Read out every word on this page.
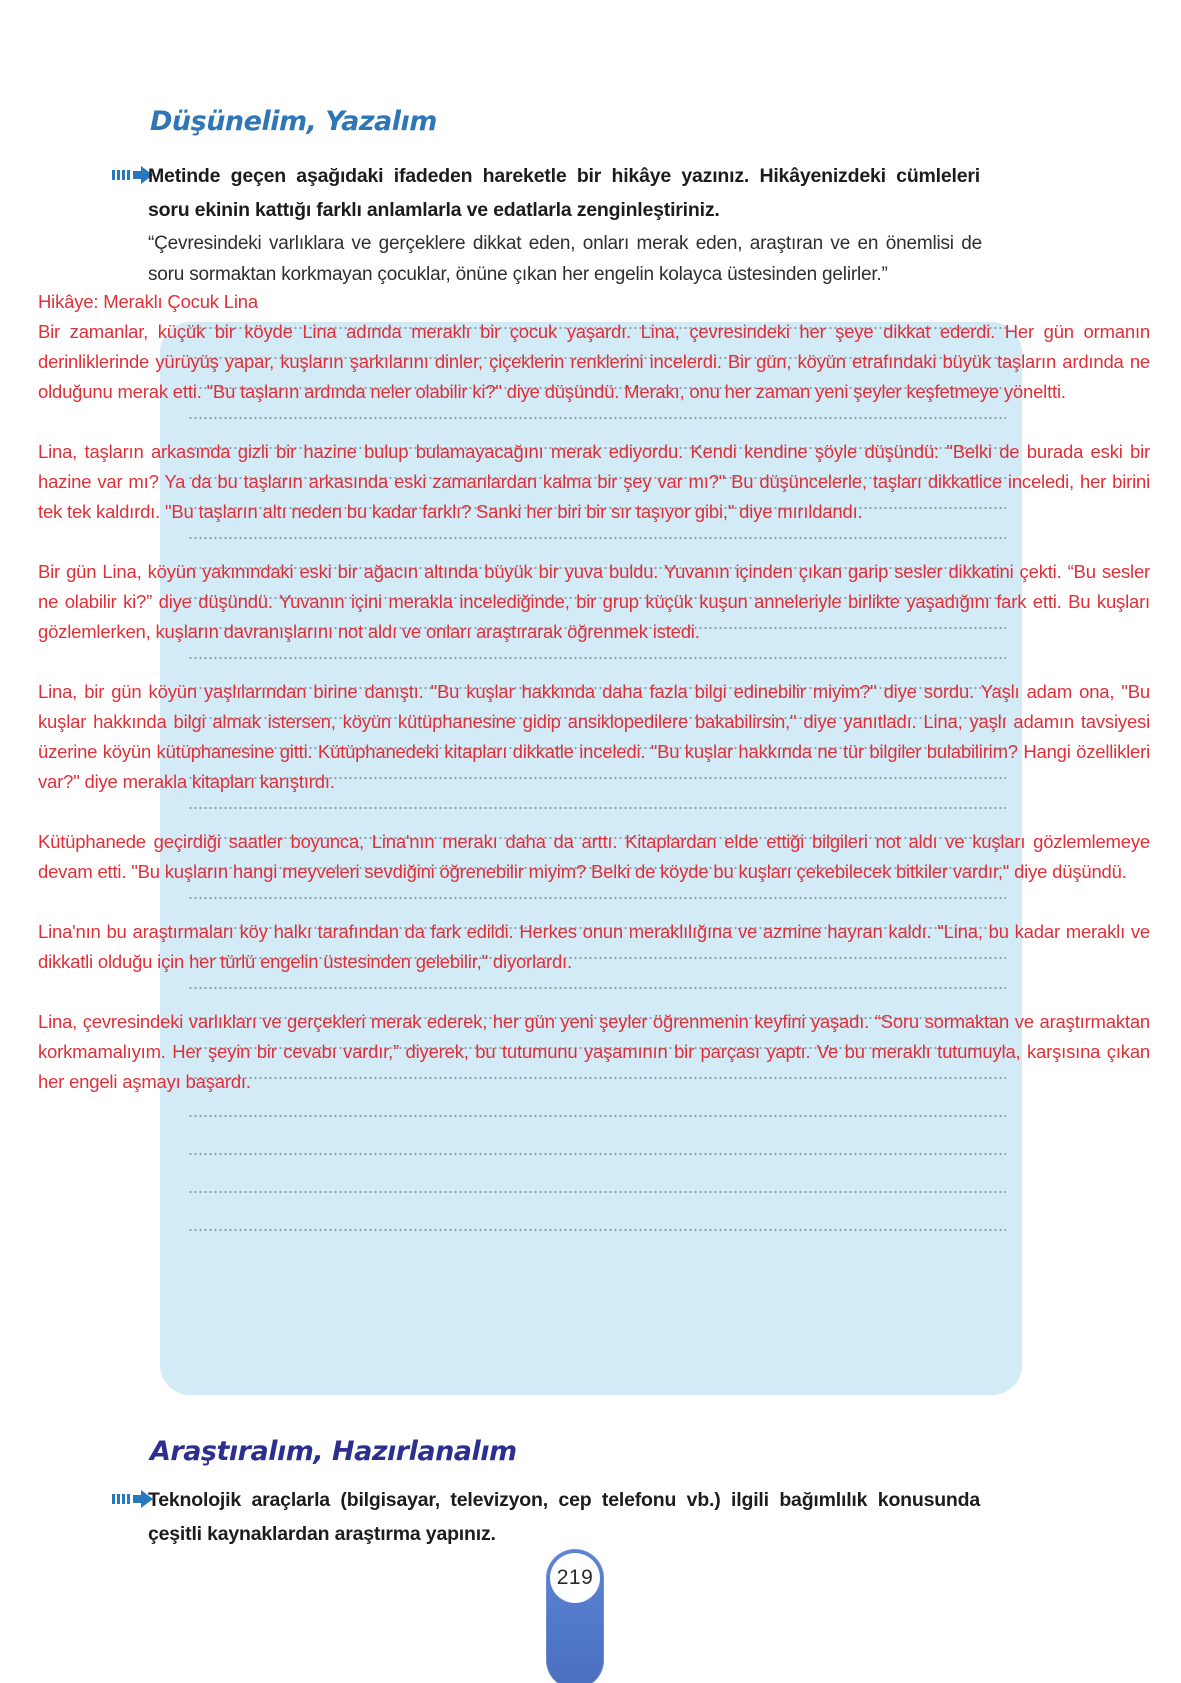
Düşünelim, Yazalım
Metinde geçen aşağıdaki ifadeden hareketle bir hikâye yazınız. Hikâyenizdeki cümleleri soru ekinin kattığı farklı anlamlarla ve edatlarla zenginleştiriniz.
“Çevresindeki varlıklara ve gerçeklere dikkat eden, onları merak eden, araştıran ve en önemlisi de soru sormaktan korkmayan çocuklar, önüne çıkan her engelin kolayca üstesinden gelirler.”

Hikâye: Meraklı Çocuk Lina

Bir zamanlar, küçük bir köyde Lina adında meraklı bir çocuk yaşardı. Lina, çevresindeki her şeye dikkat ederdi. Her gün ormanın derinliklerinde yürüyüş yapar, kuşların şarkılarını dinler, çiçeklerin renklerini incelerdi. Bir gün, köyün etrafındaki büyük taşların ardında ne olduğunu merak etti. "Bu taşların ardında neler olabilir ki?" diye düşündü. Merakı, onu her zaman yeni şeyler keşfetmeye yöneltti.

Lina, taşların arkasında gizli bir hazine bulup bulamayacağını merak ediyordu. Kendi kendine şöyle düşündü: "Belki de burada eski bir hazine var mı? Ya da bu taşların arkasında eski zamanlardan kalma bir şey var mı?" Bu düşüncelerle, taşları dikkatlice inceledi, her birini tek tek kaldırdı. "Bu taşların altı neden bu kadar farklı? Sanki her biri bir sır taşıyor gibi," diye mırıldandı.

Bir gün Lina, köyün yakınındaki eski bir ağacın altında büyük bir yuva buldu. Yuvanın içinden çıkan garip sesler dikkatini çekti. “Bu sesler ne olabilir ki?” diye düşündü. Yuvanın içini merakla incelediğinde, bir grup küçük kuşun anneleriyle birlikte yaşadığını fark etti. Bu kuşları gözlemlerken, kuşların davranışlarını not aldı ve onları araştırarak öğrenmek istedi.

Lina, bir gün köyün yaşlılarından birine danıştı. "Bu kuşlar hakkında daha fazla bilgi edinebilir miyim?" diye sordu. Yaşlı adam ona, "Bu kuşlar hakkında bilgi almak istersen, köyün kütüphanesine gidip ansiklopedilere bakabilirsin," diye yanıtladı. Lina, yaşlı adamın tavsiyesi üzerine köyün kütüphanesine gitti. Kütüphanedeki kitapları dikkatle inceledi. "Bu kuşlar hakkında ne tür bilgiler bulabilirim? Hangi özellikleri var?" diye merakla kitapları karıştırdı.

Kütüphanede geçirdiği saatler boyunca, Lina'nın merakı daha da arttı. Kitaplardan elde ettiği bilgileri not aldı ve kuşları gözlemlemeye devam etti. "Bu kuşların hangi meyveleri sevdiğini öğrenebilir miyim? Belki de köyde bu kuşları çekebilecek bitkiler vardır," diye düşündü.

Lina'nın bu araştırmaları köy halkı tarafından da fark edildi. Herkes onun meraklılığına ve azmine hayran kaldı. "Lina, bu kadar meraklı ve dikkatli olduğu için her türlü engelin üstesinden gelebilir," diyorlardı.

Lina, çevresindeki varlıkları ve gerçekleri merak ederek, her gün yeni şeyler öğrenmenin keyfini yaşadı. “Soru sormaktan ve araştırmaktan korkmamalıyım. Her şeyin bir cevabı vardır,” diyerek, bu tutumunu yaşamının bir parçası yaptı. Ve bu meraklı tutumuyla, karşısına çıkan her engeli aşmayı başardı.

Araştıralım, Hazırlanalım
Teknolojik araçlarla (bilgisayar, televizyon, cep telefonu vb.) ilgili bağımlılık konusunda çeşitli kaynaklardan araştırma yapınız.
219
